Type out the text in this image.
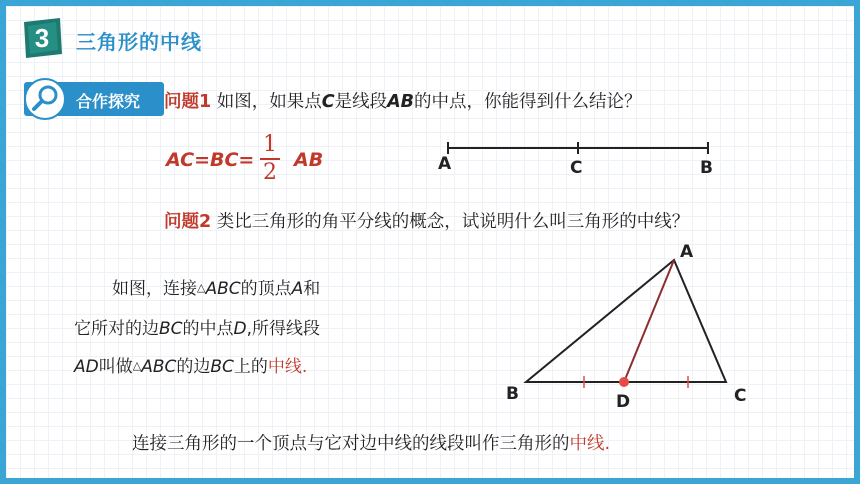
3 三角形的中线
合作探究 问题1 如图，如果点C是线段AB的中点，你能得到什么结论？
AC=BC=
1
2 AB	A	C	B
问题2 类比三角形的角平分线的概念，试说明什么叫三角形的中线？
如图，连接△ABC的顶点A和
它所对的边BC的中点D,所得线段
AD叫做△ABC的边BC上的中线.
A
B	C
D
连接三角形的一个顶点与它对边中线的线段叫作三角形的中线.
